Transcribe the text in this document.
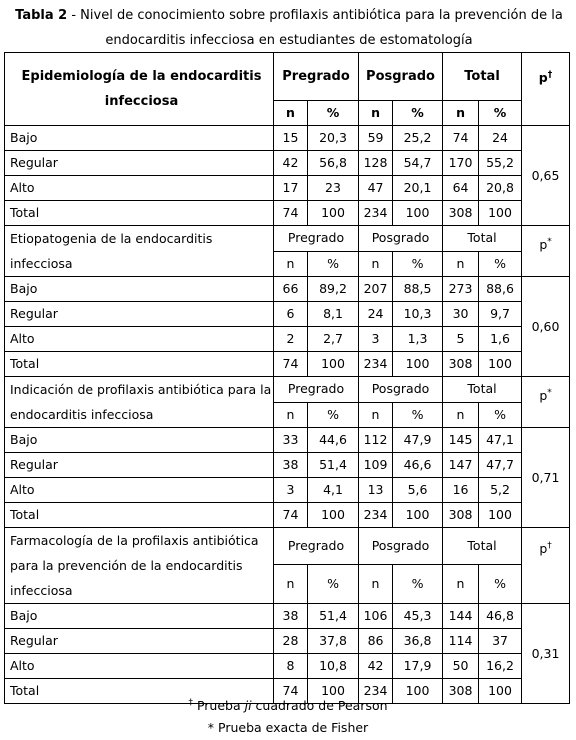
Tabla 2 - Nivel de conocimiento sobre profilaxis antibiótica para la prevención de la endocarditis infecciosa en estudiantes de estomatología
Epidemiología de la endocarditis infecciosa	Pregrado		Posgrado		Total		p†
	n	%	n	%	n	%	
Bajo	15	20,3	59	25,2	74	24	0,65
Regular	42	56,8	128	54,7	170	55,2	
Alto	17	23	47	20,1	64	20,8	
Total	74	100	234	100	308	100	
Etiopatogenia de la endocarditis infecciosa	Pregrado		Posgrado		Total		p*
	n	%	n	%	n	%	
Bajo	66	89,2	207	88,5	273	88,6	0,60
Regular	6	8,1	24	10,3	30	9,7	
Alto	2	2,7	3	1,3	5	1,6	
Total	74	100	234	100	308	100	
Indicación de profilaxis antibiótica para la endocarditis infecciosa	Pregrado		Posgrado		Total		p*
	n	%	n	%	n	%	
Bajo	33	44,6	112	47,9	145	47,1	0,71
Regular	38	51,4	109	46,6	147	47,7	
Alto	3	4,1	13	5,6	16	5,2	
Total	74	100	234	100	308	100	
Farmacología de la profilaxis antibiótica para la prevención de la endocarditis infecciosa	Pregrado		Posgrado		Total		p†
	n	%	n	%	n	%	
Bajo	38	51,4	106	45,3	144	46,8	0,31
Regular	28	37,8	86	36,8	114	37	
Alto	8	10,8	42	17,9	50	16,2	
Total	74	100	234	100	308	100	
† Prueba ji cuadrado de Pearson
* Prueba exacta de Fisher
